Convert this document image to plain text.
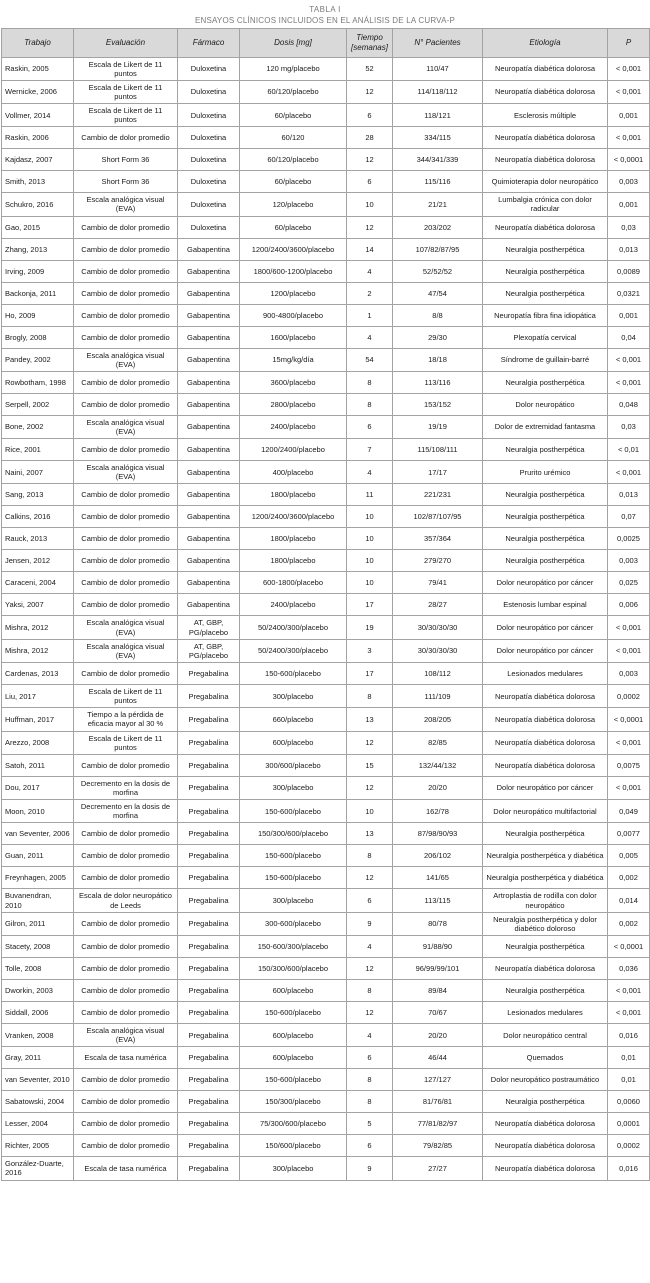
TABLA I
ENSAYOS CLÍNICOS INCLUIDOS EN EL ANÁLISIS DE LA CURVA-P
Trabajo	Evaluación	Fármaco	Dosis [mg]	Tiempo [semanas]	N° Pacientes	Etiología	P
Raskin, 2005	Escala de Likert de 11 puntos	Duloxetina	120 mg/placebo	52	110/47	Neuropatía diabética dolorosa	< 0,001
Wernicke, 2006	Escala de Likert de 11 puntos	Duloxetina	60/120/placebo	12	114/118/112	Neuropatía diabética dolorosa	< 0,001
Vollmer, 2014	Escala de Likert de 11 puntos	Duloxetina	60/placebo	6	118/121	Esclerosis múltiple	0,001
Raskin, 2006	Cambio de dolor promedio	Duloxetina	60/120	28	334/115	Neuropatía diabética dolorosa	< 0,001
Kajdasz, 2007	Short Form 36	Duloxetina	60/120/placebo	12	344/341/339	Neuropatía diabética dolorosa	< 0,0001
Smith, 2013	Short Form 36	Duloxetina	60/placebo	6	115/116	Quimioterapia dolor neuropático	0,003
Schukro, 2016	Escala analógica visual (EVA)	Duloxetina	120/placebo	10	21/21	Lumbalgia crónica con dolor radicular	0,001
Gao, 2015	Cambio de dolor promedio	Duloxetina	60/placebo	12	203/202	Neuropatía diabética dolorosa	0,03
Zhang, 2013	Cambio de dolor promedio	Gabapentina	1200/2400/3600/placebo	14	107/82/87/95	Neuralgia postherpética	0,013
Irving, 2009	Cambio de dolor promedio	Gabapentina	1800/600-1200/placebo	4	52/52/52	Neuralgia postherpética	0,0089
Backonja, 2011	Cambio de dolor promedio	Gabapentina	1200/placebo	2	47/54	Neuralgia postherpética	0,0321
Ho, 2009	Cambio de dolor promedio	Gabapentina	900-4800/placebo	1	8/8	Neuropatía fibra fina idiopática	0,001
Brogly, 2008	Cambio de dolor promedio	Gabapentina	1600/placebo	4	29/30	Plexopatía cervical	0,04
Pandey, 2002	Escala analógica visual (EVA)	Gabapentina	15mg/kg/día	54	18/18	Síndrome de guillain-barré	< 0,001
Rowbotham, 1998	Cambio de dolor promedio	Gabapentina	3600/placebo	8	113/116	Neuralgia postherpética	< 0,001
Serpell, 2002	Cambio de dolor promedio	Gabapentina	2800/placebo	8	153/152	Dolor neuropático	0,048
Bone, 2002	Escala analógica visual (EVA)	Gabapentina	2400/placebo	6	19/19	Dolor de extremidad fantasma	0,03
Rice, 2001	Cambio de dolor promedio	Gabapentina	1200/2400/placebo	7	115/108/111	Neuralgia postherpética	< 0,01
Naini, 2007	Escala analógica visual (EVA)	Gabapentina	400/placebo	4	17/17	Prurito urémico	< 0,001
Sang, 2013	Cambio de dolor promedio	Gabapentina	1800/placebo	11	221/231	Neuralgia postherpética	0,013
Calkins, 2016	Cambio de dolor promedio	Gabapentina	1200/2400/3600/placebo	10	102/87/107/95	Neuralgia postherpética	0,07
Rauck, 2013	Cambio de dolor promedio	Gabapentina	1800/placebo	10	357/364	Neuralgia postherpética	0,0025
Jensen, 2012	Cambio de dolor promedio	Gabapentina	1800/placebo	10	279/270	Neuralgia postherpética	0,003
Caraceni, 2004	Cambio de dolor promedio	Gabapentina	600-1800/placebo	10	79/41	Dolor neuropático por cáncer	0,025
Yaksi, 2007	Cambio de dolor promedio	Gabapentina	2400/placebo	17	28/27	Estenosis lumbar espinal	0,006
Mishra, 2012	Escala analógica visual (EVA)	AT, GBP, PG/placebo	50/2400/300/placebo	19	30/30/30/30	Dolor neuropático por cáncer	< 0,001
Mishra, 2012	Escala analógica visual (EVA)	AT, GBP, PG/placebo	50/2400/300/placebo	3	30/30/30/30	Dolor neuropático por cáncer	< 0,001
Cardenas, 2013	Cambio de dolor promedio	Pregabalina	150-600/placebo	17	108/112	Lesionados medulares	0,003
Liu, 2017	Escala de Likert de 11 puntos	Pregabalina	300/placebo	8	111/109	Neuropatía diabética dolorosa	0,0002
Huffman, 2017	Tiempo a la pérdida de eficacia mayor al 30 %	Pregabalina	660/placebo	13	208/205	Neuropatía diabética dolorosa	< 0,0001
Arezzo, 2008	Escala de Likert de 11 puntos	Pregabalina	600/placebo	12	82/85	Neuropatía diabética dolorosa	< 0,001
Satoh, 2011	Cambio de dolor promedio	Pregabalina	300/600/placebo	15	132/44/132	Neuropatía diabética dolorosa	0,0075
Dou, 2017	Decremento en la dosis de morfina	Pregabalina	300/placebo	12	20/20	Dolor neuropático por cáncer	< 0,001
Moon, 2010	Decremento en la dosis de morfina	Pregabalina	150-600/placebo	10	162/78	Dolor neuropático multifactorial	0,049
van Seventer, 2006	Cambio de dolor promedio	Pregabalina	150/300/600/placebo	13	87/98/90/93	Neuralgia postherpética	0,0077
Guan, 2011	Cambio de dolor promedio	Pregabalina	150-600/placebo	8	206/102	Neuralgia postherpética y diabética	0,005
Freynhagen, 2005	Cambio de dolor promedio	Pregabalina	150-600/placebo	12	141/65	Neuralgia postherpética y diabética	0,002
Buvanendran, 2010	Escala de dolor neuropático de Leeds	Pregabalina	300/placebo	6	113/115	Artroplastia de rodilla con dolor neuropático	0,014
Gilron, 2011	Cambio de dolor promedio	Pregabalina	300-600/placebo	9	80/78	Neuralgia postherpética y dolor diabético doloroso	0,002
Stacety, 2008	Cambio de dolor promedio	Pregabalina	150-600/300/placebo	4	91/88/90	Neuralgia postherpética	< 0,0001
Tolle, 2008	Cambio de dolor promedio	Pregabalina	150/300/600/placebo	12	96/99/99/101	Neuropatía diabética dolorosa	0,036
Dworkin, 2003	Cambio de dolor promedio	Pregabalina	600/placebo	8	89/84	Neuralgia postherpética	< 0,001
Siddall, 2006	Cambio de dolor promedio	Pregabalina	150-600/placebo	12	70/67	Lesionados medulares	< 0,001
Vranken, 2008	Escala analógica visual (EVA)	Pregabalina	600/placebo	4	20/20	Dolor neuropático central	0,016
Gray, 2011	Escala de tasa numérica	Pregabalina	600/placebo	6	46/44	Quemados	0,01
van Seventer, 2010	Cambio de dolor promedio	Pregabalina	150-600/placebo	8	127/127	Dolor neuropático postraumático	0,01
Sabatowski, 2004	Cambio de dolor promedio	Pregabalina	150/300/placebo	8	81/76/81	Neuralgia postherpética	0,0060
Lesser, 2004	Cambio de dolor promedio	Pregabalina	75/300/600/placebo	5	77/81/82/97	Neuropatía diabética dolorosa	0,0001
Richter, 2005	Cambio de dolor promedio	Pregabalina	150/600/placebo	6	79/82/85	Neuropatía diabética dolorosa	0,0002
González-Duarte, 2016	Escala de tasa numérica	Pregabalina	300/placebo	9	27/27	Neuropatía diabética dolorosa	0,016
